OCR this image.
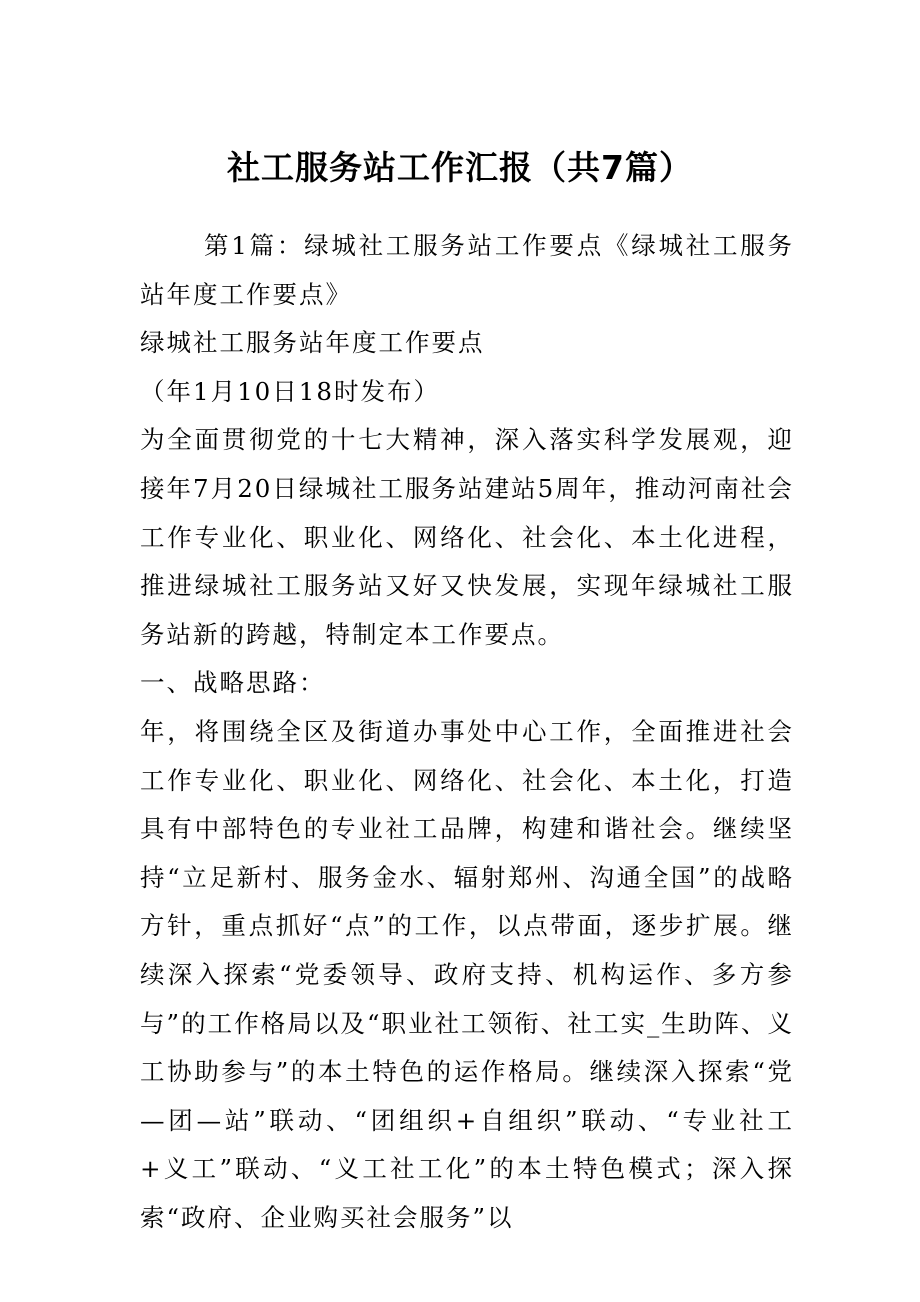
社工服务站工作汇报（共7篇）

第1篇：绿城社工服务站工作要点《绿城社工服务站年度工作要点》

绿城社工服务站年度工作要点

（年1月10日18时发布）

为全面贯彻党的十七大精神，深入落实科学发展观，迎接年7月20日绿城社工服务站建站5周年，推动河南社会工作专业化、职业化、网络化、社会化、本土化进程，推进绿城社工服务站又好又快发展，实现年绿城社工服务站新的跨越，特制定本工作要点。

一、战略思路：

年，将围绕全区及街道办事处中心工作，全面推进社会工作专业化、职业化、网络化、社会化、本土化，打造具有中部特色的专业社工品牌，构建和谐社会。继续坚持“立足新村、服务金水、辐射郑州、沟通全国”的战略方针，重点抓好“点”的工作，以点带面，逐步扩展。继续深入探索“党委领导、政府支持、机构运作、多方参与”的工作格局以及“职业社工领衔、社工实_生助阵、义工协助参与”的本土特色的运作格局。继续深入探索“党—团—站”联动、“团组织+自组织”联动、“专业社工+义工”联动、“义工社工化”的本土特色模式；深入探索“政府、企业购买社会服务”以
